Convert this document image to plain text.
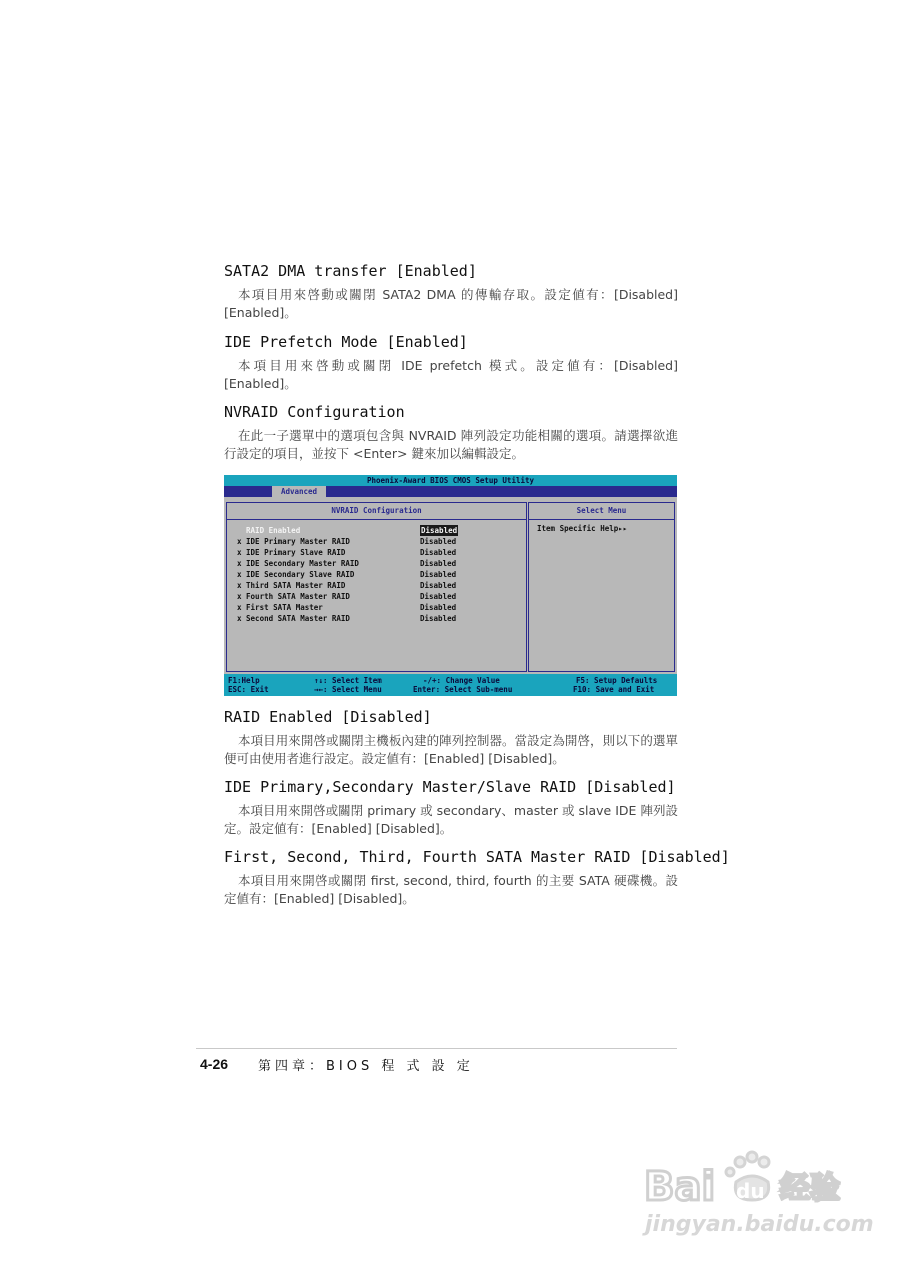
SATA2 DMA transfer [Enabled]

本項目用來啓動或關閉 SATA2 DMA 的傳輸存取。設定値有：[Disabled] [Enabled]。

IDE Prefetch Mode [Enabled]

本項目用來啓動或關閉 IDE prefetch 模式。設定値有：[Disabled] [Enabled]。

NVRAID Configuration

在此一子選單中的選項包含與 NVRAID 陣列設定功能相關的選項。請選擇欲進行設定的項目，並按下 <Enter> 鍵來加以編輯設定。

Phoenix-Award BIOS CMOS Setup Utility
Advanced
NVRAID Configuration
RAID Enabled	Disabled
x IDE Primary Master RAID	Disabled
x IDE Primary Slave RAID	Disabled
x IDE Secondary Master RAID	Disabled
x IDE Secondary Slave RAID	Disabled
x Third SATA Master RAID	Disabled
x Fourth SATA Master RAID	Disabled
x First SATA Master	Disabled
x Second SATA Master RAID	Disabled
Select Menu
Item Specific Help▸▸
F1:Help
ESC: Exit
↑↓: Select Item
→←: Select Menu
-/+: Change Value
Enter: Select Sub-menu
F5: Setup Defaults
F10: Save and Exit
RAID Enabled [Disabled]

本項目用來開啓或關閉主機板內建的陣列控制器。當設定為開啓，則以下的選單便可由使用者進行設定。設定値有：[Enabled] [Disabled]。

IDE Primary,Secondary Master/Slave RAID [Disabled]

本項目用來開啓或關閉 primary 或 secondary、master 或 slave IDE 陣列設定。設定値有：[Enabled] [Disabled]。

First, Second, Third, Fourth SATA Master RAID [Disabled]

本項目用來開啓或關閉 first, second, third, fourth 的主要 SATA 硬碟機。設定値有：[Enabled] [Disabled]。

4-26 第四章：BIOS 程 式 設 定
Bai du 经验
jingyan.baidu.com
